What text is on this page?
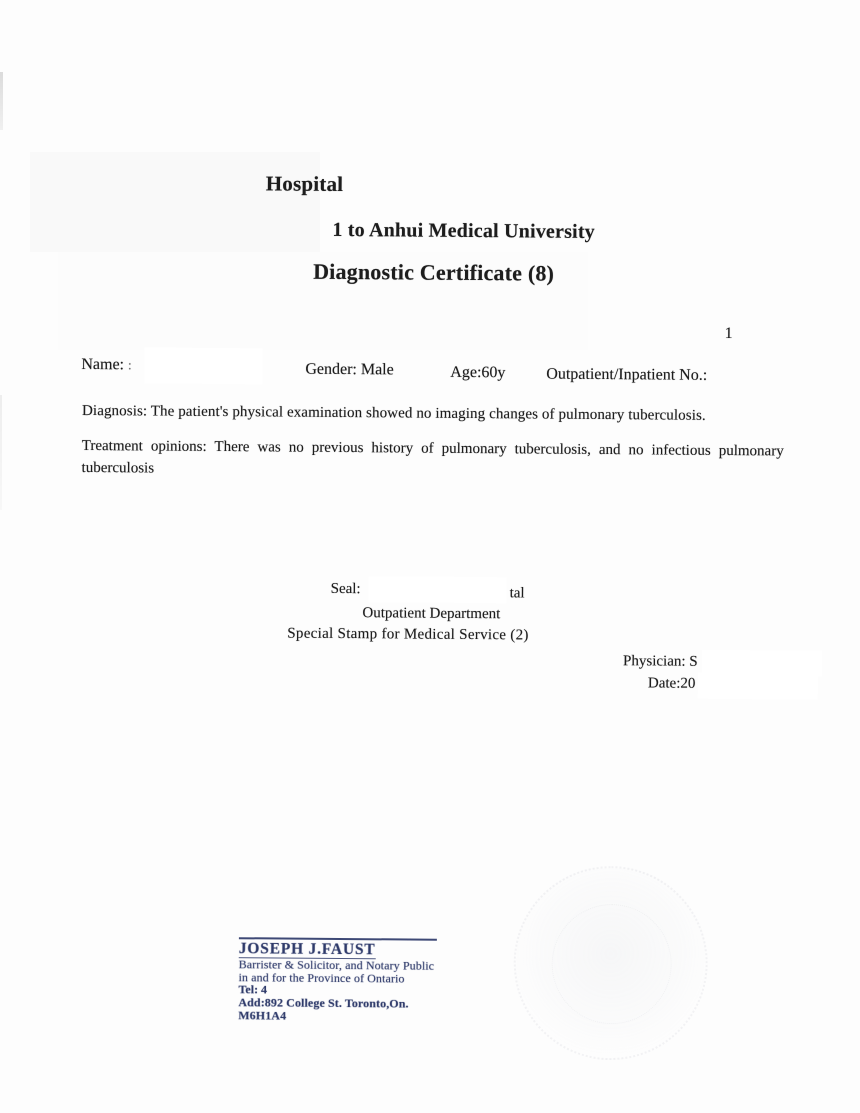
Hospital
1 to Anhui Medical University
Diagnostic Certificate (8)
1
Name: :	Gender: Male	Age:60y	Outpatient/Inpatient No.:
Diagnosis: The patient's physical examination showed no imaging changes of pulmonary tuberculosis.
Treatment opinions: There was no previous history of pulmonary tuberculosis, and no infectious pulmonary
tuberculosis
Seal:	tal
Outpatient Department
Special Stamp for Medical Service (2)
Physician: S
Date:20
JOSEPH J.FAUST
Barrister & Solicitor, and Notary Public
in and for the Province of Ontario
Tel: 4
Add:892 College St. Toronto,On. M6H1A4
